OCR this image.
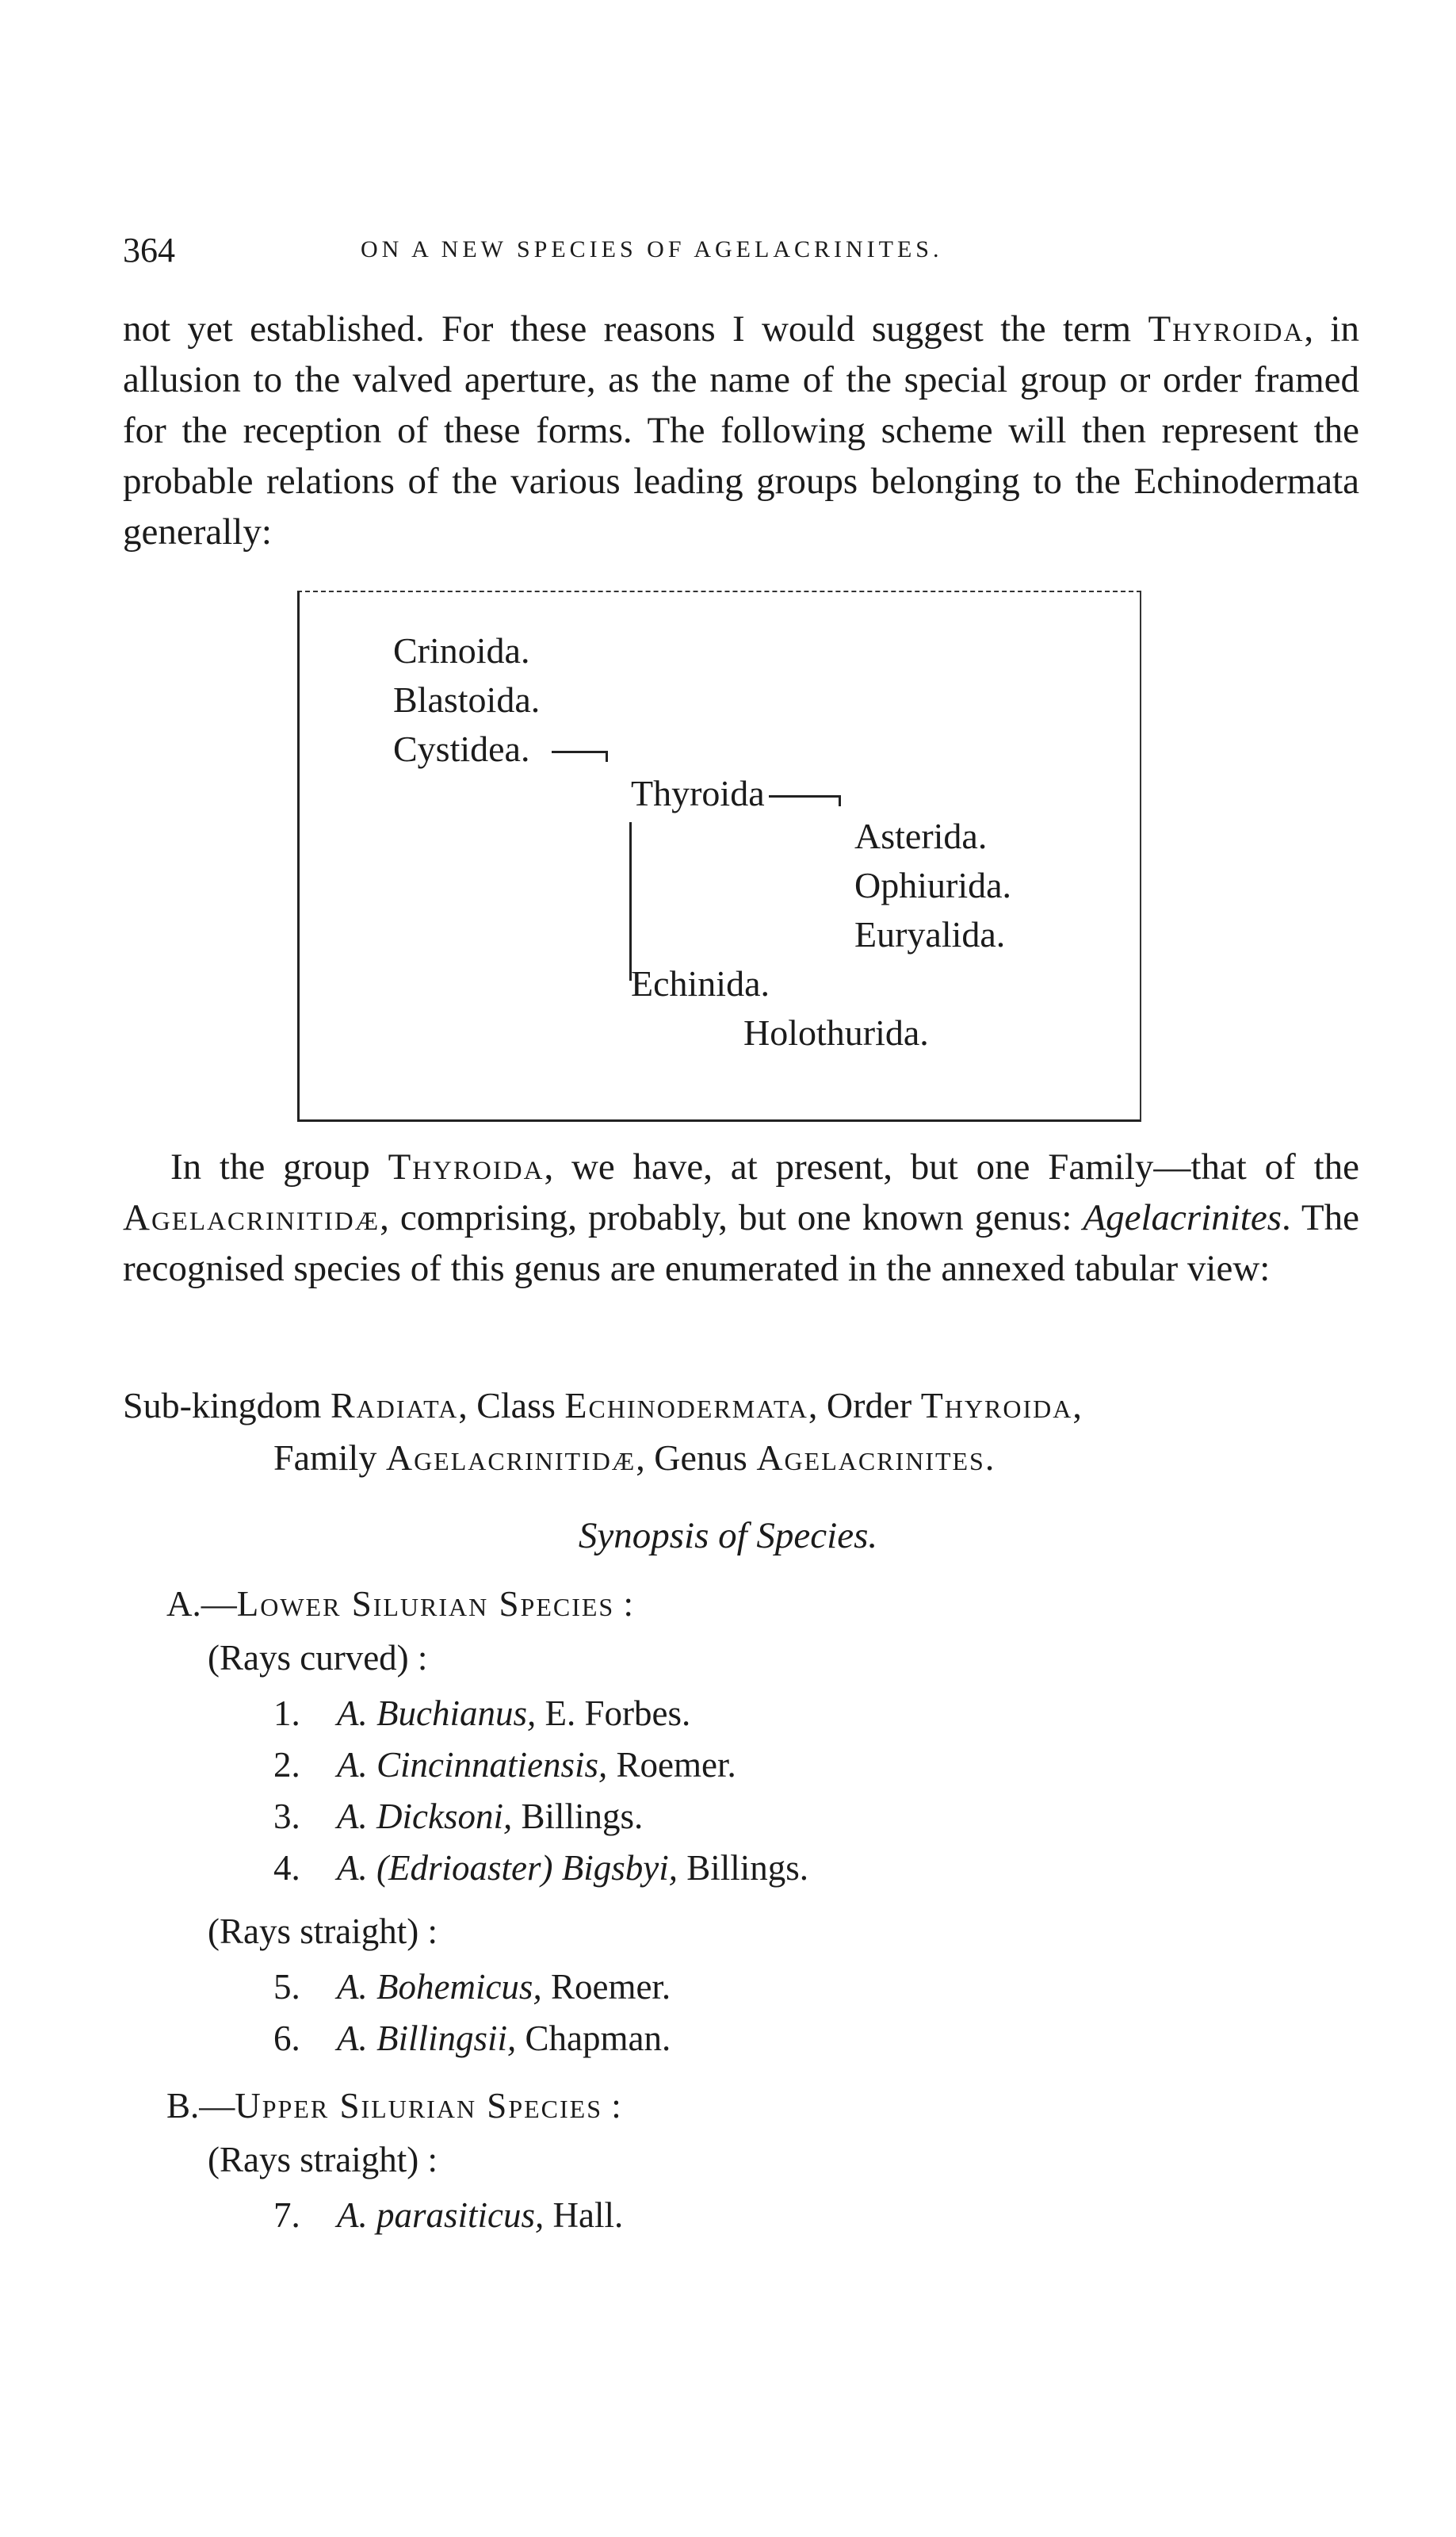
364	ON A NEW SPECIES OF AGELACRINITES.

not yet established. For these reasons I would suggest the term Thyroida, in allusion to the valved aperture, as the name of the special group or order framed for the reception of these forms. The following scheme will then represent the probable relations of the various leading groups belonging to the Echinodermata generally:

Crinoida.
Blastoida.
Cystidea.
Thyroida
Asterida.
Ophiurida.
Euryalida.
Echinida.
Holothurida.

In the group Thyroida, we have, at present, but one Family—that of the Agelacrinitidæ, comprising, probably, but one known genus: Agelacrinites. The recognised species of this genus are enumerated in the annexed tabular view:

Sub-kingdom Radiata, Class Echinodermata, Order Thyroida,
Family Agelacrinitidæ, Genus Agelacrinites.
Synopsis of Species.
A.—Lower Silurian Species :
(Rays curved) :
1. A. Buchianus, E. Forbes.
2. A. Cincinnatiensis, Roemer.
3. A. Dicksoni, Billings.
4. A. (Edrioaster) Bigsbyi, Billings.
(Rays straight) :
5. A. Bohemicus, Roemer.
6. A. Billingsii, Chapman.
B.—Upper Silurian Species :
(Rays straight) :
7. A. parasiticus, Hall.
